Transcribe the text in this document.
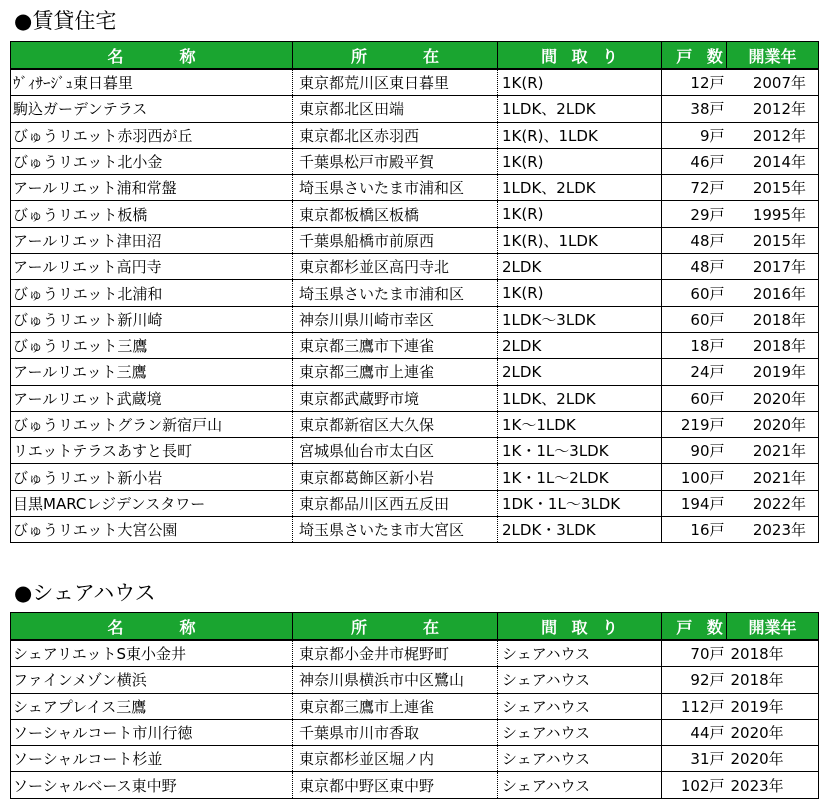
●賃貸住宅
名称	所在	間取り	戸数	開業年
ｳﾞｨｻｰｼﾞｭ東日暮里	東京都荒川区東日暮里	1K(R)	12戸	2007年
駒込ガーデンテラス	東京都北区田端	1LDK、2LDK	38戸	2012年
びゅうリエット赤羽西が丘	東京都北区赤羽西	1K(R)、1LDK	9戸	2012年
びゅうリエット北小金	千葉県松戸市殿平賀	1K(R)	46戸	2014年
アールリエット浦和常盤	埼玉県さいたま市浦和区	1LDK、2LDK	72戸	2015年
びゅうリエット板橋	東京都板橋区板橋	1K(R)	29戸	1995年
アールリエット津田沼	千葉県船橋市前原西	1K(R)、1LDK	48戸	2015年
アールリエット高円寺	東京都杉並区高円寺北	2LDK	48戸	2017年
びゅうリエット北浦和	埼玉県さいたま市浦和区	1K(R)	60戸	2016年
びゅうリエット新川崎	神奈川県川崎市幸区	1LDK～3LDK	60戸	2018年
びゅうリエット三鷹	東京都三鷹市下連雀	2LDK	18戸	2018年
アールリエット三鷹	東京都三鷹市上連雀	2LDK	24戸	2019年
アールリエット武蔵境	東京都武蔵野市境	1LDK、2LDK	60戸	2020年
びゅうリエットグラン新宿戸山	東京都新宿区大久保	1K～1LDK	219戸	2020年
リエットテラスあすと長町	宮城県仙台市太白区	1K・1L～3LDK	90戸	2021年
びゅうリエット新小岩	東京都葛飾区新小岩	1K・1L～2LDK	100戸	2021年
目黒MARCレジデンスタワー	東京都品川区西五反田	1DK・1L～3LDK	194戸	2022年
びゅうリエット大宮公園	埼玉県さいたま市大宮区	2LDK・3LDK	16戸	2023年
●シェアハウス
名称	所在	間取り	戸数	開業年
シェアリエットS東小金井	東京都小金井市梶野町	シェアハウス	70戸	2018年
ファインメゾン横浜	神奈川県横浜市中区鷺山	シェアハウス	92戸	2018年
シェアプレイス三鷹	東京都三鷹市上連雀	シェアハウス	112戸	2019年
ソーシャルコート市川行徳	千葉県市川市香取	シェアハウス	44戸	2020年
ソーシャルコート杉並	東京都杉並区堀ノ内	シェアハウス	31戸	2020年
ソーシャルベース東中野	東京都中野区東中野	シェアハウス	102戸	2023年
